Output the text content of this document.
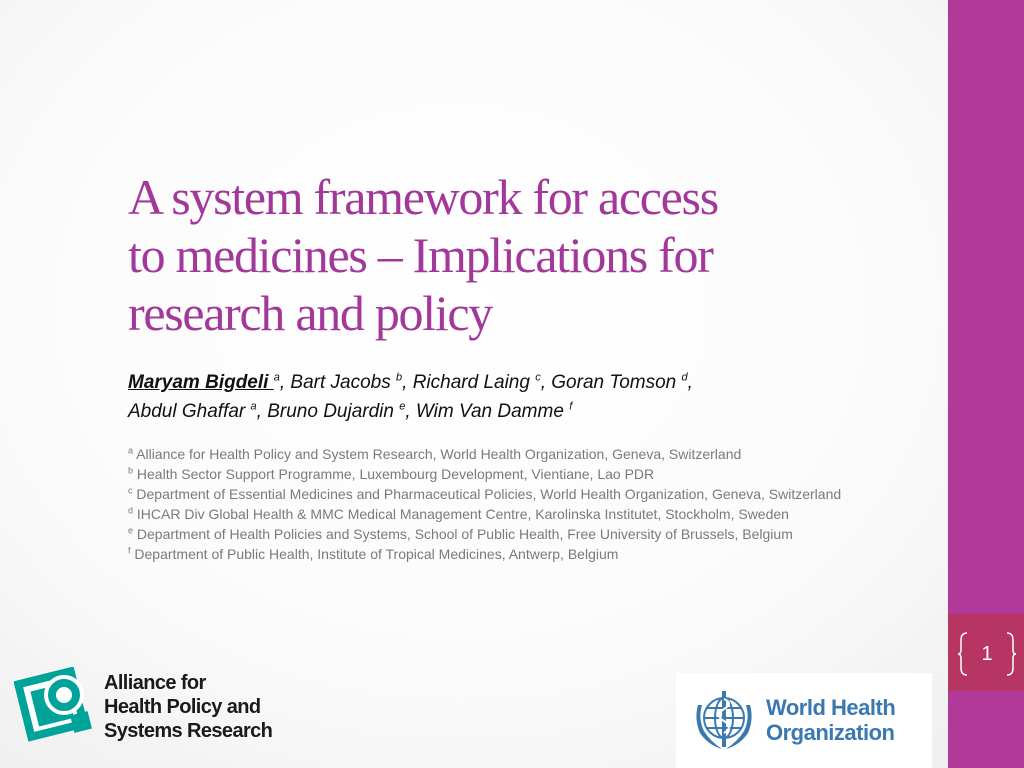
1
A system framework for access
to medicines – Implications for
research and policy
Maryam Bigdeli $^a$, Bart Jacobs $^b$, Richard Laing $^c$, Goran Tomson $^d$,
Abdul Ghaffar $^a$, Bruno Dujardin $^e$, Wim Van Damme $^f$

$^a$ Alliance for Health Policy and System Research, World Health Organization, Geneva, Switzerland

$^b$ Health Sector Support Programme, Luxembourg Development, Vientiane, Lao PDR

$^c$ Department of Essential Medicines and Pharmaceutical Policies, World Health Organization, Geneva, Switzerland

$^d$ IHCAR Div Global Health & MMC Medical Management Centre, Karolinska Institutet, Stockholm, Sweden

$^e$ Department of Health Policies and Systems, School of Public Health, Free University of Brussels, Belgium

$^f$ Department of Public Health, Institute of Tropical Medicines, Antwerp, Belgium

Alliance for
Health Policy and
Systems Research
World Health
Organization
